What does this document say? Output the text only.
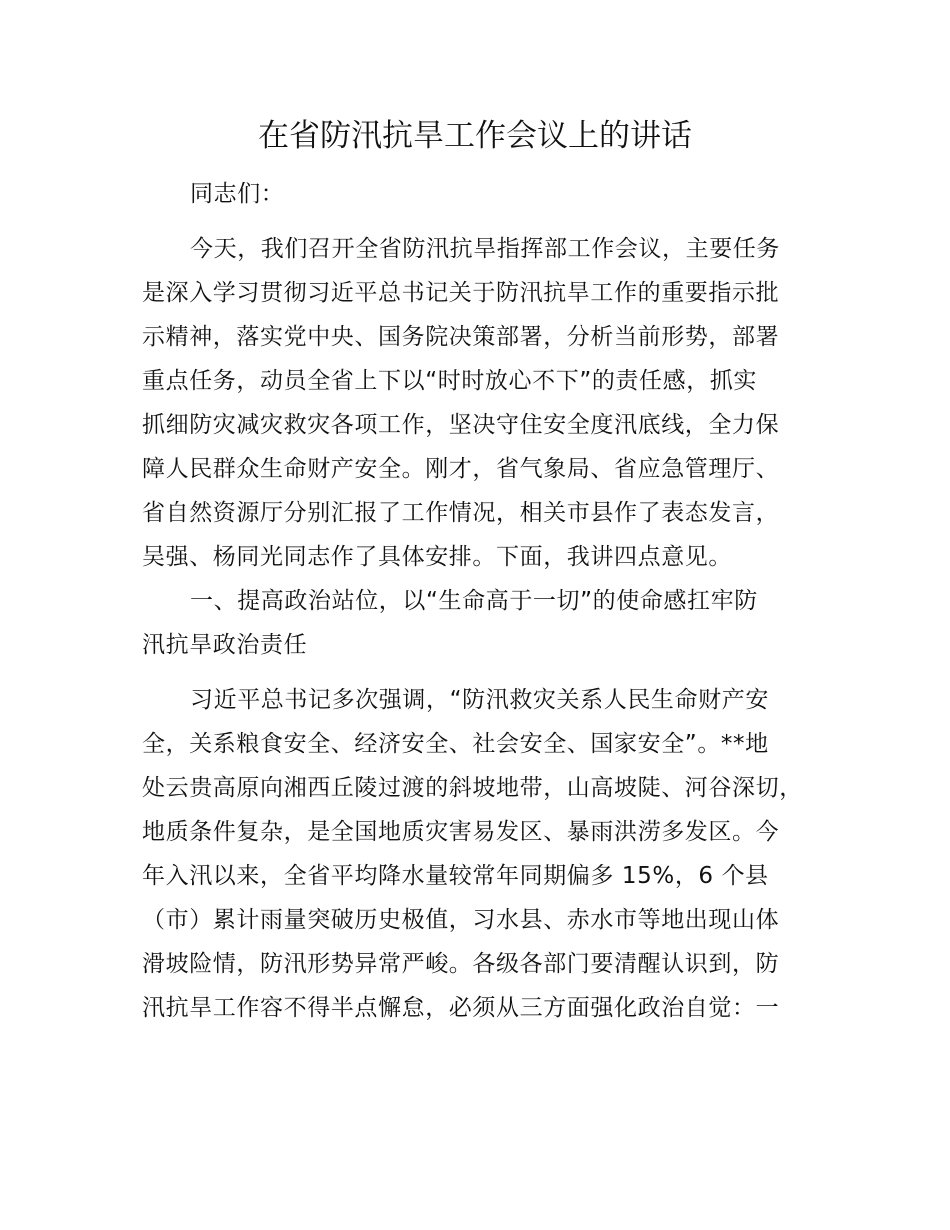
在省防汛抗旱工作会议上的讲话
同志们：
今天，我们召开全省防汛抗旱指挥部工作会议，主要任务
是深入学习贯彻习近平总书记关于防汛抗旱工作的重要指示批
示精神，落实党中央、国务院决策部署，分析当前形势，部署
重点任务，动员全省上下以“时时放心不下”的责任感，抓实
抓细防灾减灾救灾各项工作，坚决守住安全度汛底线，全力保
障人民群众生命财产安全。刚才，省气象局、省应急管理厅、
省自然资源厅分别汇报了工作情况，相关市县作了表态发言，
吴强、杨同光同志作了具体安排。下面，我讲四点意见。
一、提高政治站位，以“生命高于一切”的使命感扛牢防
汛抗旱政治责任
习近平总书记多次强调，“防汛救灾关系人民生命财产安
全，关系粮食安全、经济安全、社会安全、国家安全”。**地
处云贵高原向湘西丘陵过渡的斜坡地带，山高坡陡、河谷深切，
地质条件复杂，是全国地质灾害易发区、暴雨洪涝多发区。今
年入汛以来，全省平均降水量较常年同期偏多 15%，6 个县
（市）累计雨量突破历史极值，习水县、赤水市等地出现山体
滑坡险情，防汛形势异常严峻。各级各部门要清醒认识到，防
汛抗旱工作容不得半点懈怠，必须从三方面强化政治自觉：一
